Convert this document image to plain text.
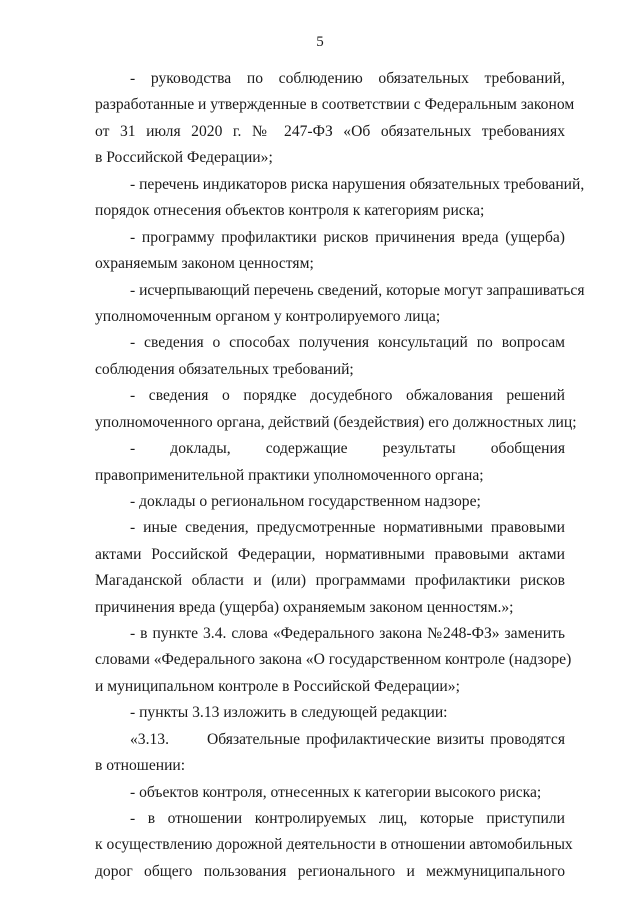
5
- руководства по соблюдению обязательных требований,
разработанные и утвержденные в соответствии с Федеральным законом
от 31 июля 2020 г. № 247-ФЗ «Об обязательных требованиях
в Российской Федерации»;
- перечень индикаторов риска нарушения обязательных требований,
порядок отнесения объектов контроля к категориям риска;
- программу профилактики рисков причинения вреда (ущерба)
охраняемым законом ценностям;
- исчерпывающий перечень сведений, которые могут запрашиваться
уполномоченным органом у контролируемого лица;
- сведения о способах получения консультаций по вопросам
соблюдения обязательных требований;
- сведения о порядке досудебного обжалования решений
уполномоченного органа, действий (бездействия) его должностных лиц;
- доклады, содержащие результаты обобщения
правоприменительной практики уполномоченного органа;
- доклады о региональном государственном надзоре;
- иные сведения, предусмотренные нормативными правовыми
актами Российской Федерации, нормативными правовыми актами
Магаданской области и (или) программами профилактики рисков
причинения вреда (ущерба) охраняемым законом ценностям.»;
- в пункте 3.4. слова «Федерального закона №248-ФЗ» заменить
словами «Федерального закона «О государственном контроле (надзоре)
и муниципальном контроле в Российской Федерации»;
- пункты 3.13 изложить в следующей редакции:
«3.13. Обязательные профилактические визиты проводятся
в отношении:
- объектов контроля, отнесенных к категории высокого риска;
- в отношении контролируемых лиц, которые приступили
к осуществлению дорожной деятельности в отношении автомобильных
дорог общего пользования регионального и межмуниципального
